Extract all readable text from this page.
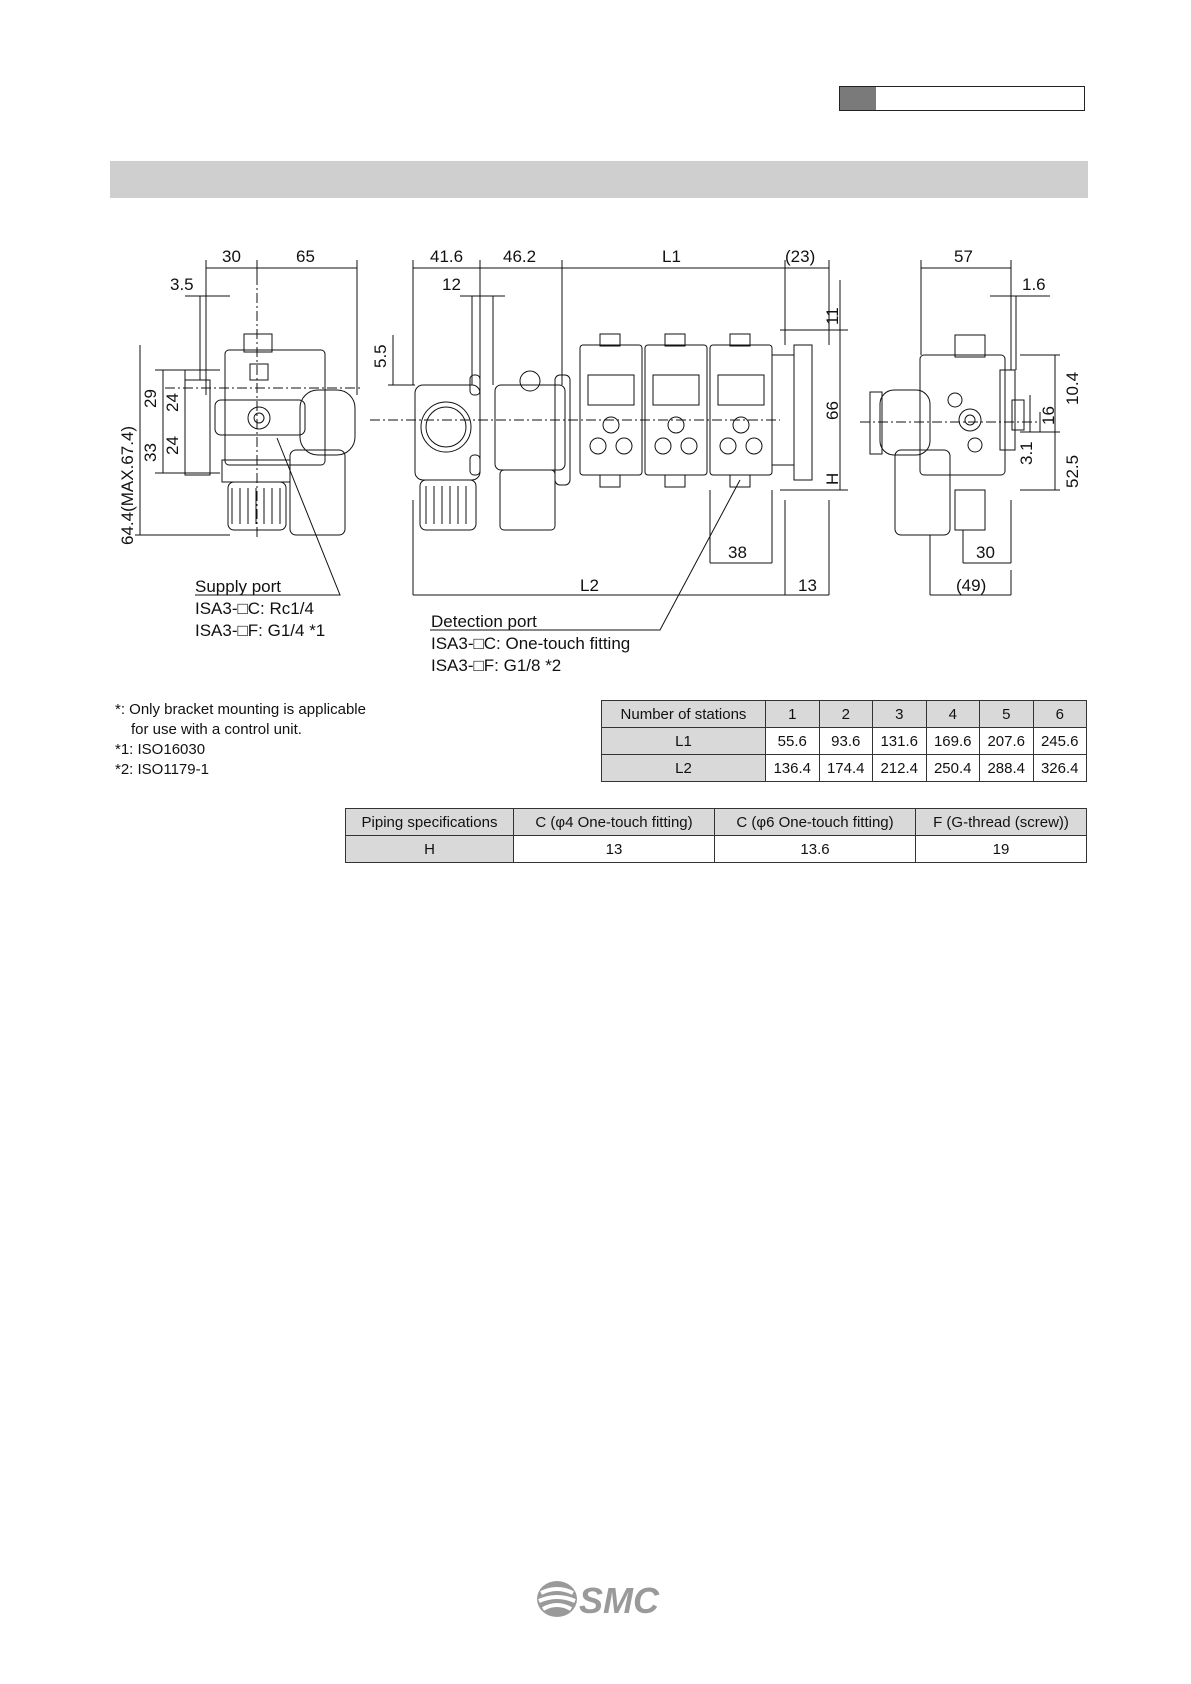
30	65
3.5
29 24
24
33
64.4(MAX.67.4)
41.6 46.2	L1	(23)
12
5.5
11
66
H
38
L2	13
57
1.6
10.4
16
3.1
52.5
30
(49)
Supply port
ISA3-□C: Rc1/4
ISA3-□F: G1/4 *1	Detection port
ISA3-□C: One-touch fitting
ISA3-□F: G1/8 *2
*: Only bracket mounting is applicable
for use with a control unit.
*1: ISO16030
*2: ISO1179-1
Number of stations	1	2	3	4	5	6
L1	55.6	93.6	131.6	169.6	207.6	245.6
L2	136.4	174.4	212.4	250.4	288.4	326.4
Piping specifications	C (φ4 One-touch fitting)	C (φ6 One-touch fitting)	F (G-thread (screw))
H	13	13.6	19
SMC
